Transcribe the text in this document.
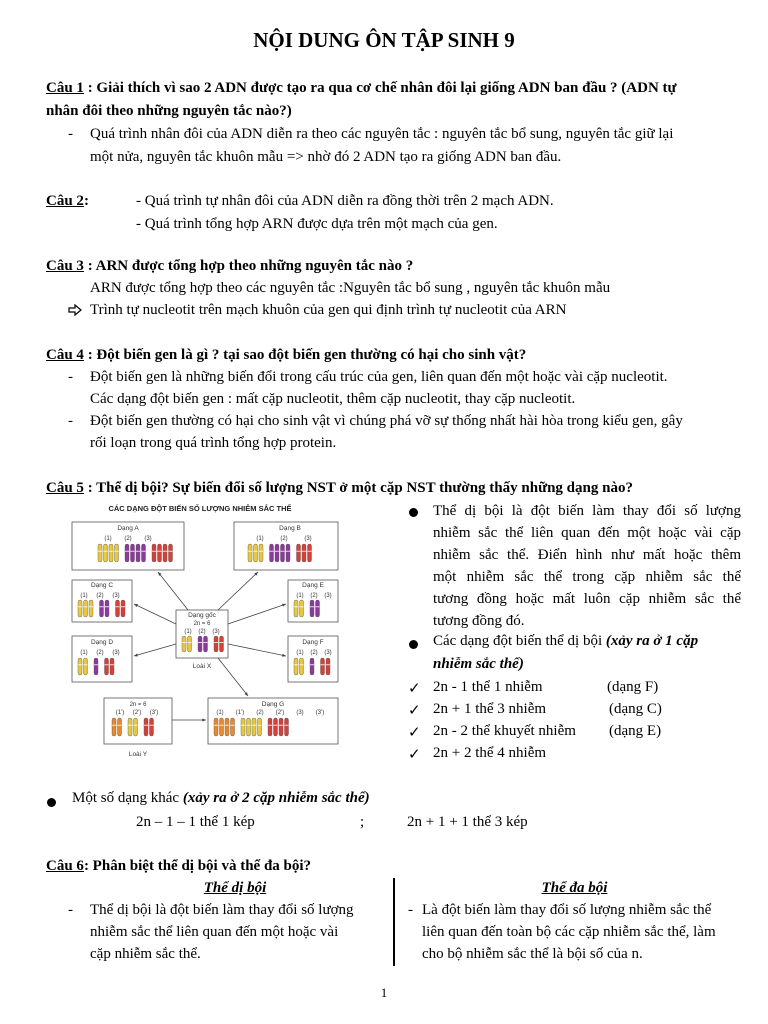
NỘI DUNG ÔN TẬP SINH 9
Câu 1 : Giải thích vì sao 2 ADN được tạo ra qua cơ chế nhân đôi lại giống ADN ban đầu ? (ADN tự
nhân đôi theo những nguyên tắc nào?)
- Quá trình nhân đôi của ADN diễn ra theo các nguyên tắc : nguyên tắc bổ sung, nguyên tắc giữ lại
một nửa, nguyên tắc khuôn mẫu => nhờ đó 2 ADN tạo ra giống ADN ban đầu.
Câu 2:	- Quá trình tự nhân đôi của ADN diễn ra đồng thời trên 2 mạch ADN.
- Quá trình tổng hợp ARN được dựa trên một mạch của gen.
Câu 3 : ARN được tổng hợp theo những nguyên tắc nào ?
ARN được tổng hợp theo các nguyên tắc :Nguyên tắc bổ sung , nguyên tắc khuôn mẫu
Trình tự nucleotit trên mạch khuôn của gen qui định trình tự nucleotit của ARN
Câu 4 : Đột biến gen là gì ? tại sao đột biến gen thường có hại cho sinh vật?
- Đột biến gen là những biến đổi trong cấu trúc của gen, liên quan đến một hoặc vài cặp nucleotit.
Các dạng đột biến gen : mất cặp nucleotit, thêm cặp nucleotit, thay cặp nucleotit.
- Đột biến gen thường có hại cho sinh vật vì chúng phá vỡ sự thống nhất hài hòa trong kiểu gen, gây
rối loạn trong quá trình tổng hợp protein.
Câu 5 : Thể dị bội? Sự biến đổi số lượng NST ở một cặp NST thường thấy những dạng nào?
CÁC DẠNG ĐỘT BIẾN SỐ LƯỢNG NHIỄM SẮC THỂ
Dạng A
(1) (2) (3)
Dạng B
(1)	(2)	(3)
Dạng C
(1) (2) (3)
Dạng E
(1) (2) (3)
Dạng gốc
2n = 6
(1) (2) (3)
Loài X
Dạng D
(1) (2) (3)
Dạng F
(1) (2) (3)
2n = 6
(1') (2') (3')
Loài Y
Dạng G
(1) (1') (2) (2') (3) (3')
Thể dị bội là đột biến làm thay đổi số lượng
nhiễm sắc thể liên quan đến một hoặc vài cặp
nhiễm sắc thể. Điển hình như mất hoặc thêm
một nhiễm sắc thể trong cặp nhiễm sắc thể
tương đồng hoặc mất luôn cặp nhiễm sắc thể
tương đồng đó.
Các dạng đột biến thể dị bội (xảy ra ở 1 cặp
nhiễm sắc thể)
✓ 2n - 1 thể 1 nhiễm	(dạng F)
✓ 2n + 1 thể 3 nhiễm	(dạng C)
✓ 2n - 2 thể khuyết nhiễm (dạng E)
✓ 2n + 2 thể 4 nhiễm
Một số dạng khác (xảy ra ở 2 cặp nhiễm sắc thể)
2n – 1 – 1 thể 1 kép	;	2n + 1 + 1 thể 3 kép
Câu 6: Phân biệt thể dị bội và thể đa bội?
Thể dị bội	Thể đa bội
- Thể dị bội là đột biến làm thay đổi số lượng
nhiễm sắc thể liên quan đến một hoặc vài
cặp nhiễm sắc thể.
- Là đột biến làm thay đổi số lượng nhiễm sắc thể
liên quan đến toàn bộ các cặp nhiễm sắc thể, làm
cho bộ nhiễm sắc thể là bội số của n.
1
